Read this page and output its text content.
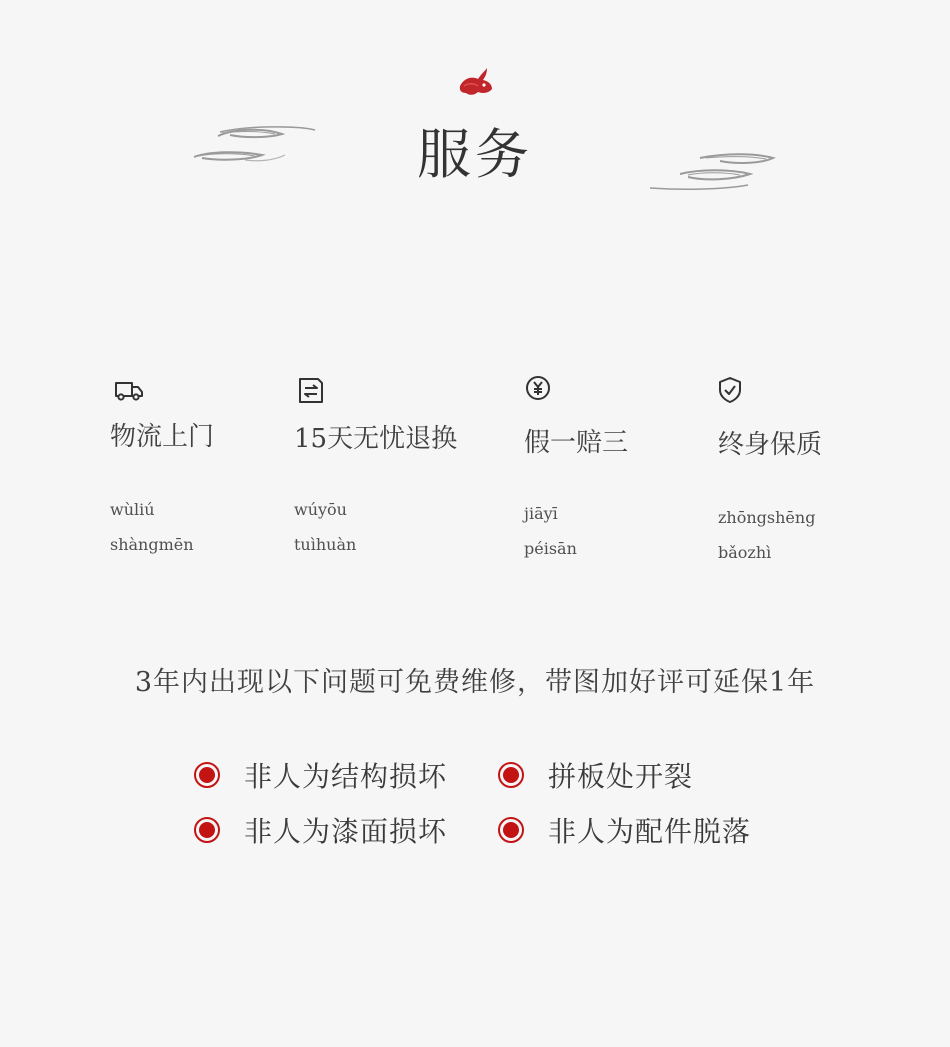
服务
物流上门
wùliú
shàngmēn
15天无忧退换
wúyōu
tuìhuàn
假一赔三
jiāyī
péisān
终身保质
zhōngshēng
bǎozhì
3年内出现以下问题可免费维修，带图加好评可延保1年
非人为结构损坏	拼板处开裂
非人为漆面损坏	非人为配件脱落
